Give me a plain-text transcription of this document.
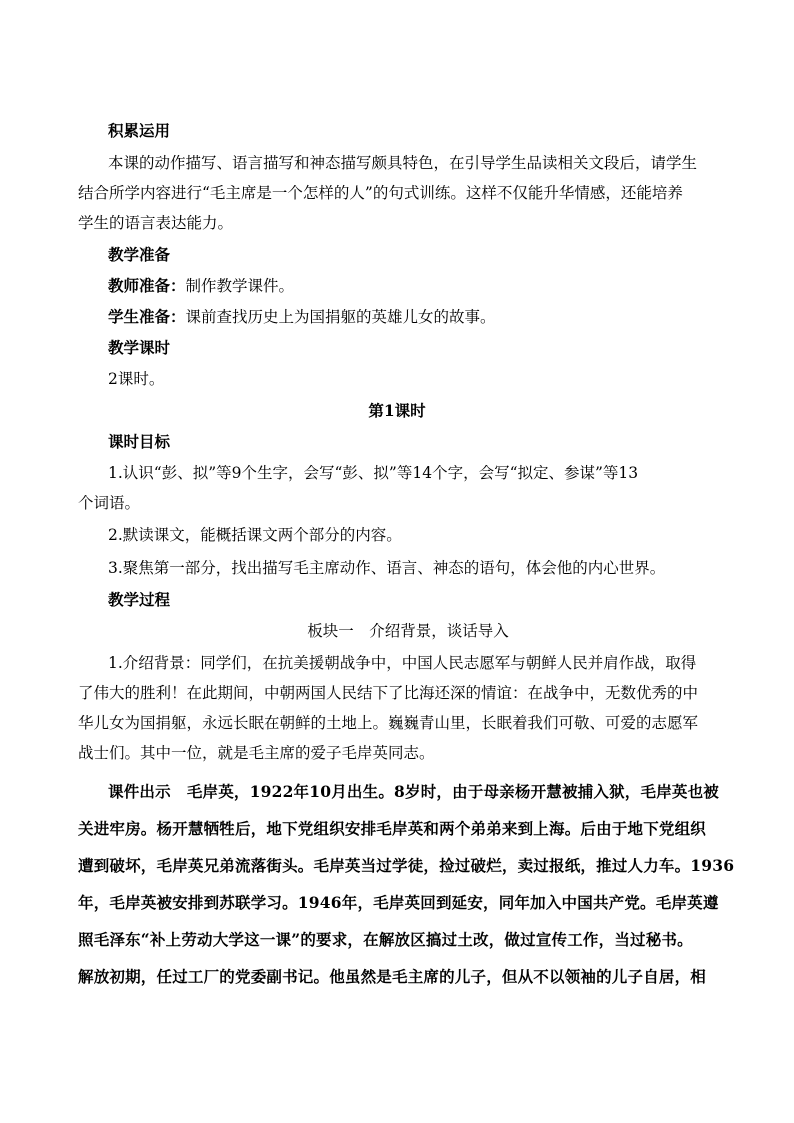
积累运用
本课的动作描写、语言描写和神态描写颇具特色，在引导学生品读相关文段后，请学生
结合所学内容进行“毛主席是一个怎样的人”的句式训练。这样不仅能升华情感，还能培养
学生的语言表达能力。
教学准备
教师准备：制作教学课件。
学生准备：课前查找历史上为国捐躯的英雄儿女的故事。
教学课时
2课时。
第1课时
课时目标
1.认识“彭、拟”等9个生字，会写“彭、拟”等14个字，会写“拟定、参谋”等13
个词语。
2.默读课文，能概括课文两个部分的内容。
3.聚焦第一部分，找出描写毛主席动作、语言、神态的语句，体会他的内心世界。
教学过程
板块一　介绍背景，谈话导入
1.介绍背景：同学们，在抗美援朝战争中，中国人民志愿军与朝鲜人民并肩作战，取得
了伟大的胜利！在此期间，中朝两国人民结下了比海还深的情谊：在战争中，无数优秀的中
华儿女为国捐躯，永远长眠在朝鲜的土地上。巍巍青山里，长眠着我们可敬、可爱的志愿军
战士们。其中一位，就是毛主席的爱子毛岸英同志。
课件出示 毛岸英，1922年10月出生。8岁时，由于母亲杨开慧被捕入狱，毛岸英也被
关进牢房。杨开慧牺牲后，地下党组织安排毛岸英和两个弟弟来到上海。后由于地下党组织
遭到破坏，毛岸英兄弟流落街头。毛岸英当过学徒，捡过破烂，卖过报纸，推过人力车。1936
年，毛岸英被安排到苏联学习。1946年，毛岸英回到延安，同年加入中国共产党。毛岸英遵
照毛泽东“补上劳动大学这一课”的要求，在解放区搞过土改，做过宣传工作，当过秘书。
解放初期，任过工厂的党委副书记。他虽然是毛主席的儿子，但从不以领袖的儿子自居，相
